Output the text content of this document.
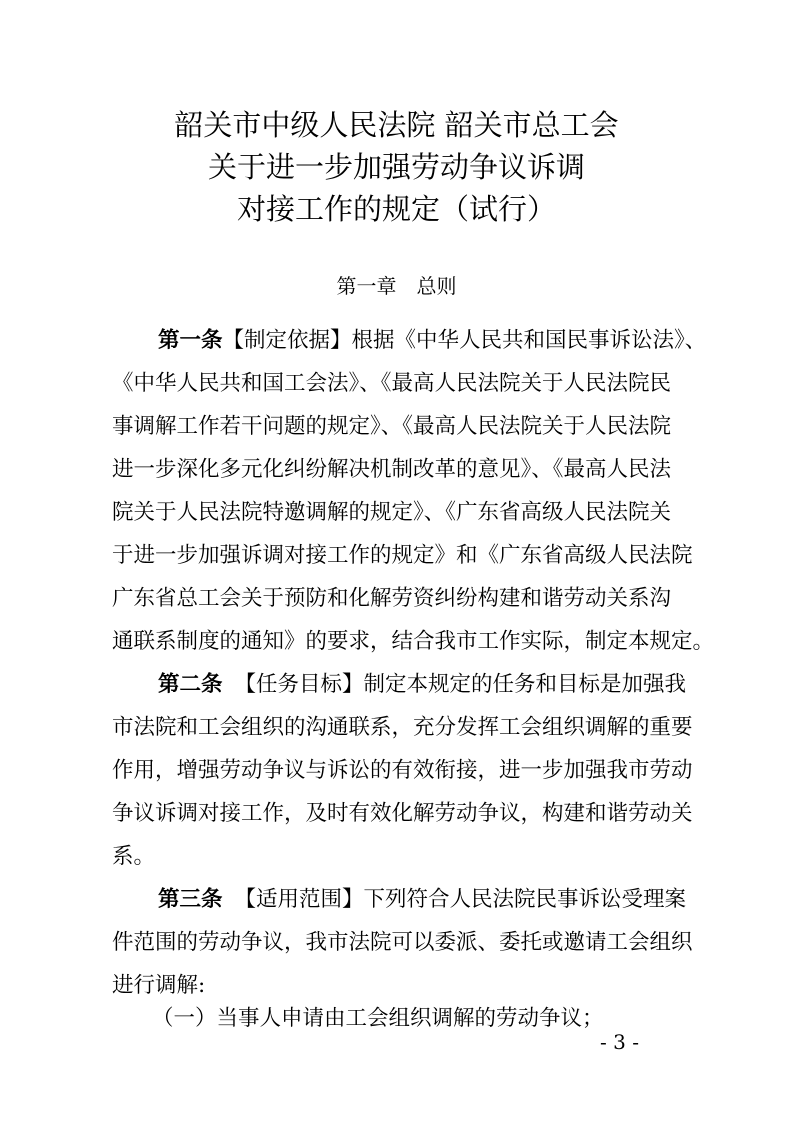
韶关市中级人民法院 韶关市总工会
关于进一步加强劳动争议诉调
对接工作的规定（试行）
第一章　总则
第一条【制定依据】根据《中华人民共和国民事诉讼法》、
《中华人民共和国工会法》、《最高人民法院关于人民法院民
事调解工作若干问题的规定》、《最高人民法院关于人民法院
进一步深化多元化纠纷解决机制改革的意见》、《最高人民法
院关于人民法院特邀调解的规定》、《广东省高级人民法院关
于进一步加强诉调对接工作的规定》和《广东省高级人民法院
广东省总工会关于预防和化解劳资纠纷构建和谐劳动关系沟
通联系制度的通知》的要求，结合我市工作实际，制定本规定。
第二条 【任务目标】制定本规定的任务和目标是加强我
市法院和工会组织的沟通联系，充分发挥工会组织调解的重要
作用，增强劳动争议与诉讼的有效衔接，进一步加强我市劳动
争议诉调对接工作，及时有效化解劳动争议，构建和谐劳动关
系。
第三条 【适用范围】下列符合人民法院民事诉讼受理案
件范围的劳动争议，我市法院可以委派、委托或邀请工会组织
进行调解:
（一）当事人申请由工会组织调解的劳动争议；
- 3 -
